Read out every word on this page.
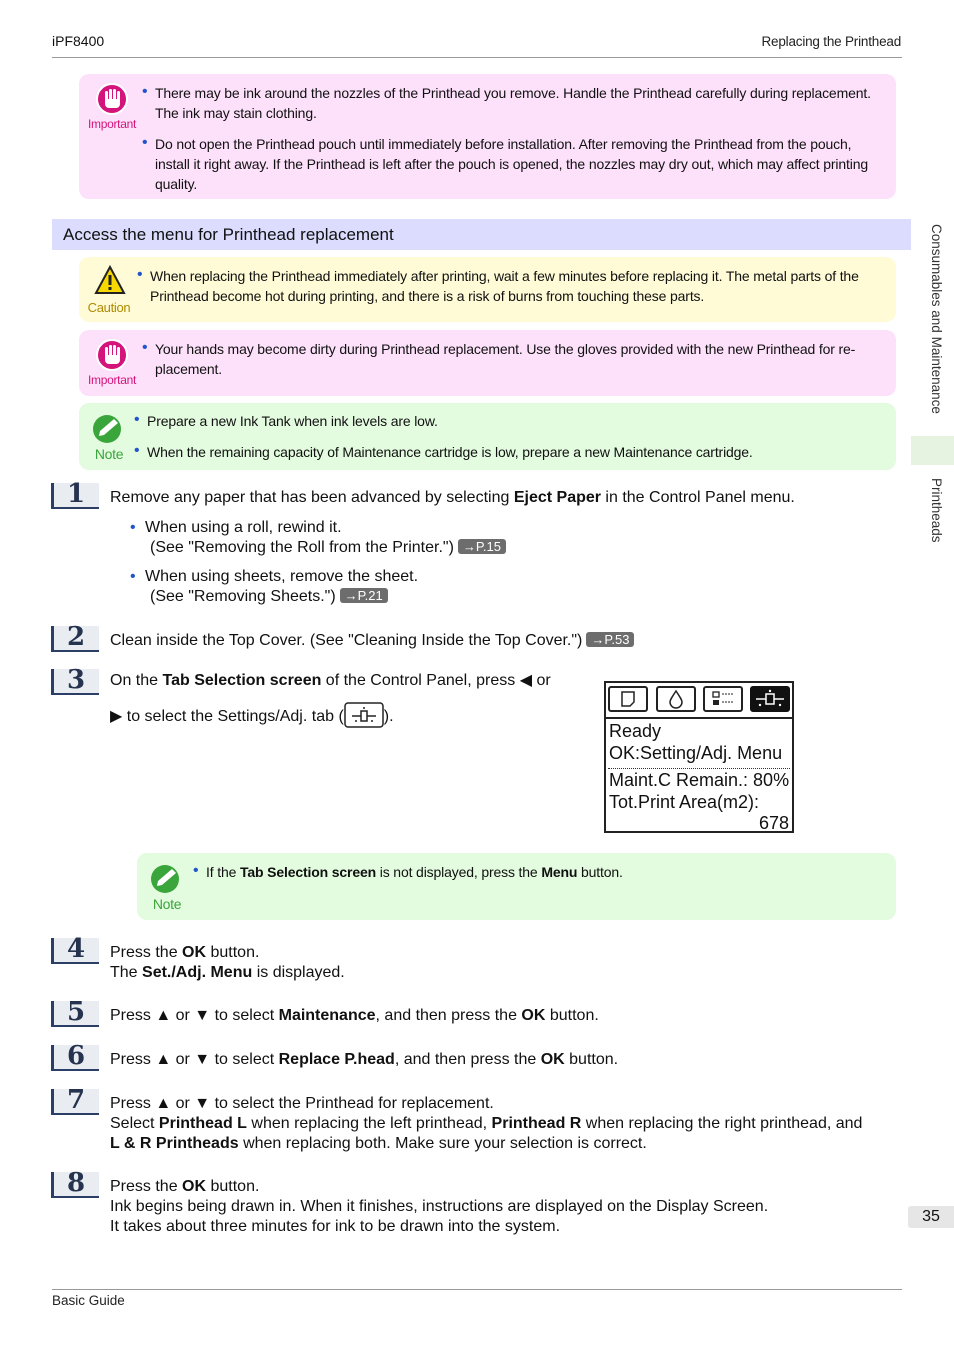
iPF8400	Replacing the Printhead
Important
• There may be ink around the nozzles of the Printhead you remove. Handle the Printhead carefully during replacement.
The ink may stain clothing.
• Do not open the Printhead pouch until immediately before installation. After removing the Printhead from the pouch,
install it right away. If the Printhead is left after the pouch is opened, the nozzles may dry out, which may affect printing
quality.
Access the menu for Printhead replacement
Caution
• When replacing the Printhead immediately after printing, wait a few minutes before replacing it. The metal parts of the
Printhead become hot during printing, and there is a risk of burns from touching these parts.
Important
• Your hands may become dirty during Printhead replacement. Use the gloves provided with the new Printhead for re-
placement.
Note
• Prepare a new Ink Tank when ink levels are low.
• When the remaining capacity of Maintenance cartridge is low, prepare a new Maintenance cartridge.
1 Remove any paper that has been advanced by selecting Eject Paper in the Control Panel menu.
• When using a roll, rewind it.
(See "Removing the Roll from the Printer.") →P.15
• When using sheets, remove the sheet.
(See "Removing Sheets.") →P.21
2 Clean inside the Top Cover. (See "Cleaning Inside the Top Cover.") →P.53
3 On the Tab Selection screen of the Control Panel, press ◀ or
▶ to select the Settings/Adj. tab (	).
Ready
OK:Setting/Adj. Menu
Maint.C Remain.: 80%
Tot.Print Area(m2):
678
Note
• If the Tab Selection screen is not displayed, press the Menu button.
4 Press the OK button.
The Set./Adj. Menu is displayed.
5 Press ▲ or ▼ to select Maintenance, and then press the OK button.
6 Press ▲ or ▼ to select Replace P.head, and then press the OK button.
7 Press ▲ or ▼ to select the Printhead for replacement.
Select Printhead L when replacing the left printhead, Printhead R when replacing the right printhead, and
L & R Printheads when replacing both. Make sure your selection is correct.
8 Press the OK button.
Ink begins being drawn in. When it finishes, instructions are displayed on the Display Screen.
It takes about three minutes for ink to be drawn into the system.
Consumables and Maintenance
Printheads
35
Basic Guide
